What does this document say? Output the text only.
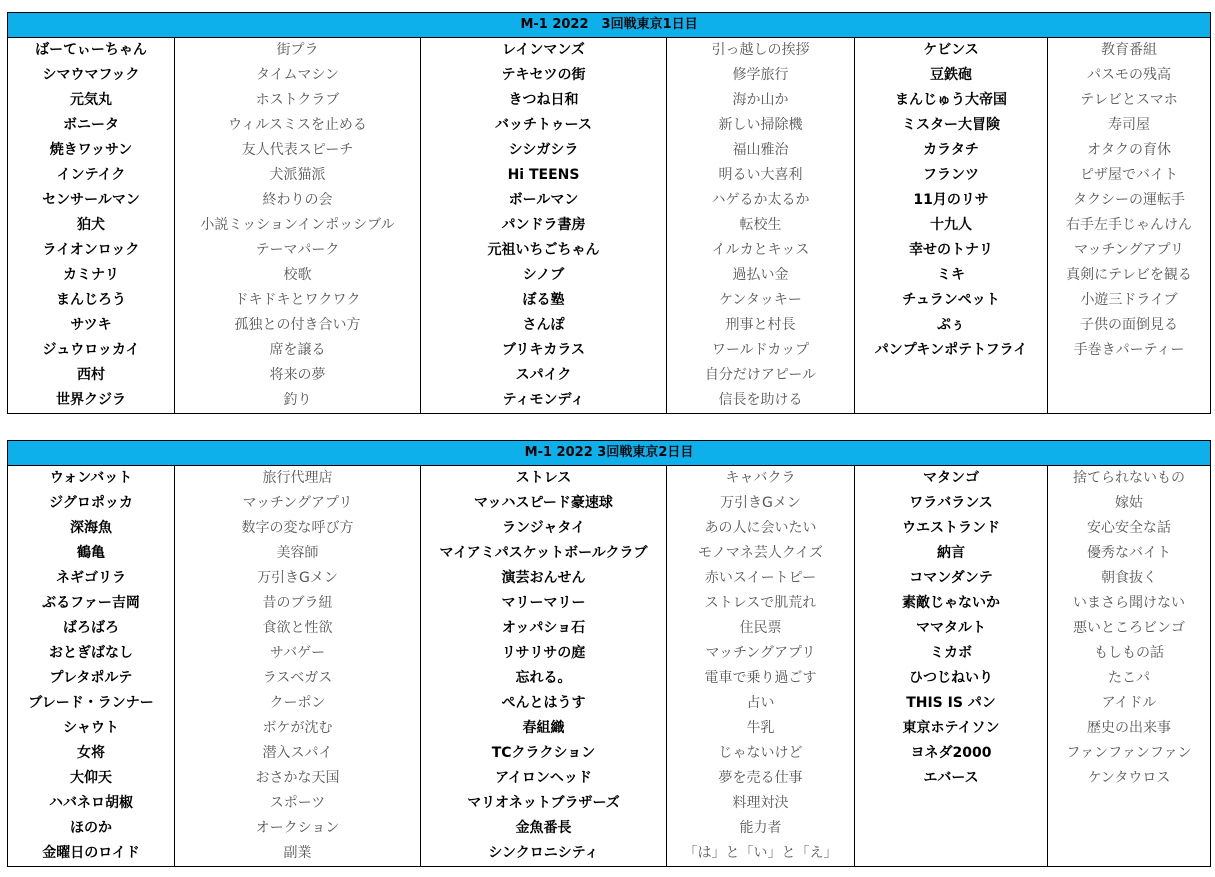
M-1 2022　3回戦東京1日目					
ばーてぃーちゃん	街プラ	レインマンズ	引っ越しの挨拶	ケビンス	教育番組
シマウマフック	タイムマシン	テキセツの街	修学旅行	豆鉄砲	パスモの残高
元気丸	ホストクラブ	きつね日和	海か山か	まんじゅう大帝国	テレビとスマホ
ボニータ	ウィルスミスを止める	バッチトゥース	新しい掃除機	ミスター大冒険	寿司屋
焼きワッサン	友人代表スピーチ	シシガシラ	福山雅治	カラタチ	オタクの育休
インテイク	犬派猫派	Hi TEENS	明るい大喜利	フランツ	ピザ屋でバイト
センサールマン	終わりの会	ボールマン	ハゲるか太るか	11月のリサ	タクシーの運転手
狛犬	小説ミッションインポッシブル	パンドラ書房	転校生	十九人	右手左手じゃんけん
ライオンロック	テーマパーク	元祖いちごちゃん	イルカとキッス	幸せのトナリ	マッチングアプリ
カミナリ	校歌	シノブ	過払い金	ミキ	真剣にテレビを観る
まんじろう	ドキドキとワクワク	ぼる塾	ケンタッキー	チュランペット	小遊三ドライブ
サツキ	孤独との付き合い方	さんぽ	刑事と村長	ぷぅ	子供の面倒見る
ジュウロッカイ	席を譲る	ブリキカラス	ワールドカップ	パンプキンポテトフライ	手巻きパーティー
西村	将来の夢	スパイク	自分だけアピール		
世界クジラ	釣り	ティモンディ	信長を助ける		
M-1 2022 3回戦東京2日目					
ウォンバット	旅行代理店	ストレス	キャバクラ	マタンゴ	捨てられないもの
ジグロポッカ	マッチングアプリ	マッハスピード豪速球	万引きGメン	ワラバランス	嫁姑
深海魚	数字の変な呼び方	ランジャタイ	あの人に会いたい	ウエストランド	安心安全な話
鶴亀	美容師	マイアミパスケットボールクラブ	モノマネ芸人クイズ	納言	優秀なバイト
ネギゴリラ	万引きGメン	演芸おんせん	赤いスイートピー	コマンダンテ	朝食抜く
ぶるファー吉岡	昔のブラ紐	マリーマリー	ストレスで肌荒れ	素敵じゃないか	いまさら聞けない
ばろばろ	食欲と性欲	オッパショ石	住民票	ママタルト	悪いところビンゴ
おとぎばなし	サバゲー	リサリサの庭	マッチングアプリ	ミカボ	もしもの話
プレタポルテ	ラスベガス	忘れる。	電車で乗り過ごす	ひつじねいり	たこパ
ブレード・ランナー	クーポン	ぺんとはうす	占い	THIS IS パン	アイドル
シャウト	ボケが沈む	春組織	牛乳	東京ホテイソン	歴史の出来事
女将	潜入スパイ	TCクラクション	じゃないけど	ヨネダ2000	ファンファンファン
大仰天	おさかな天国	アイロンヘッド	夢を売る仕事	エバース	ケンタウロス
ハバネロ胡椒	スポーツ	マリオネットブラザーズ	料理対決		
ほのか	オークション	金魚番長	能力者		
金曜日のロイド	副業	シンクロニシティ	「は」と「い」と「え」		
